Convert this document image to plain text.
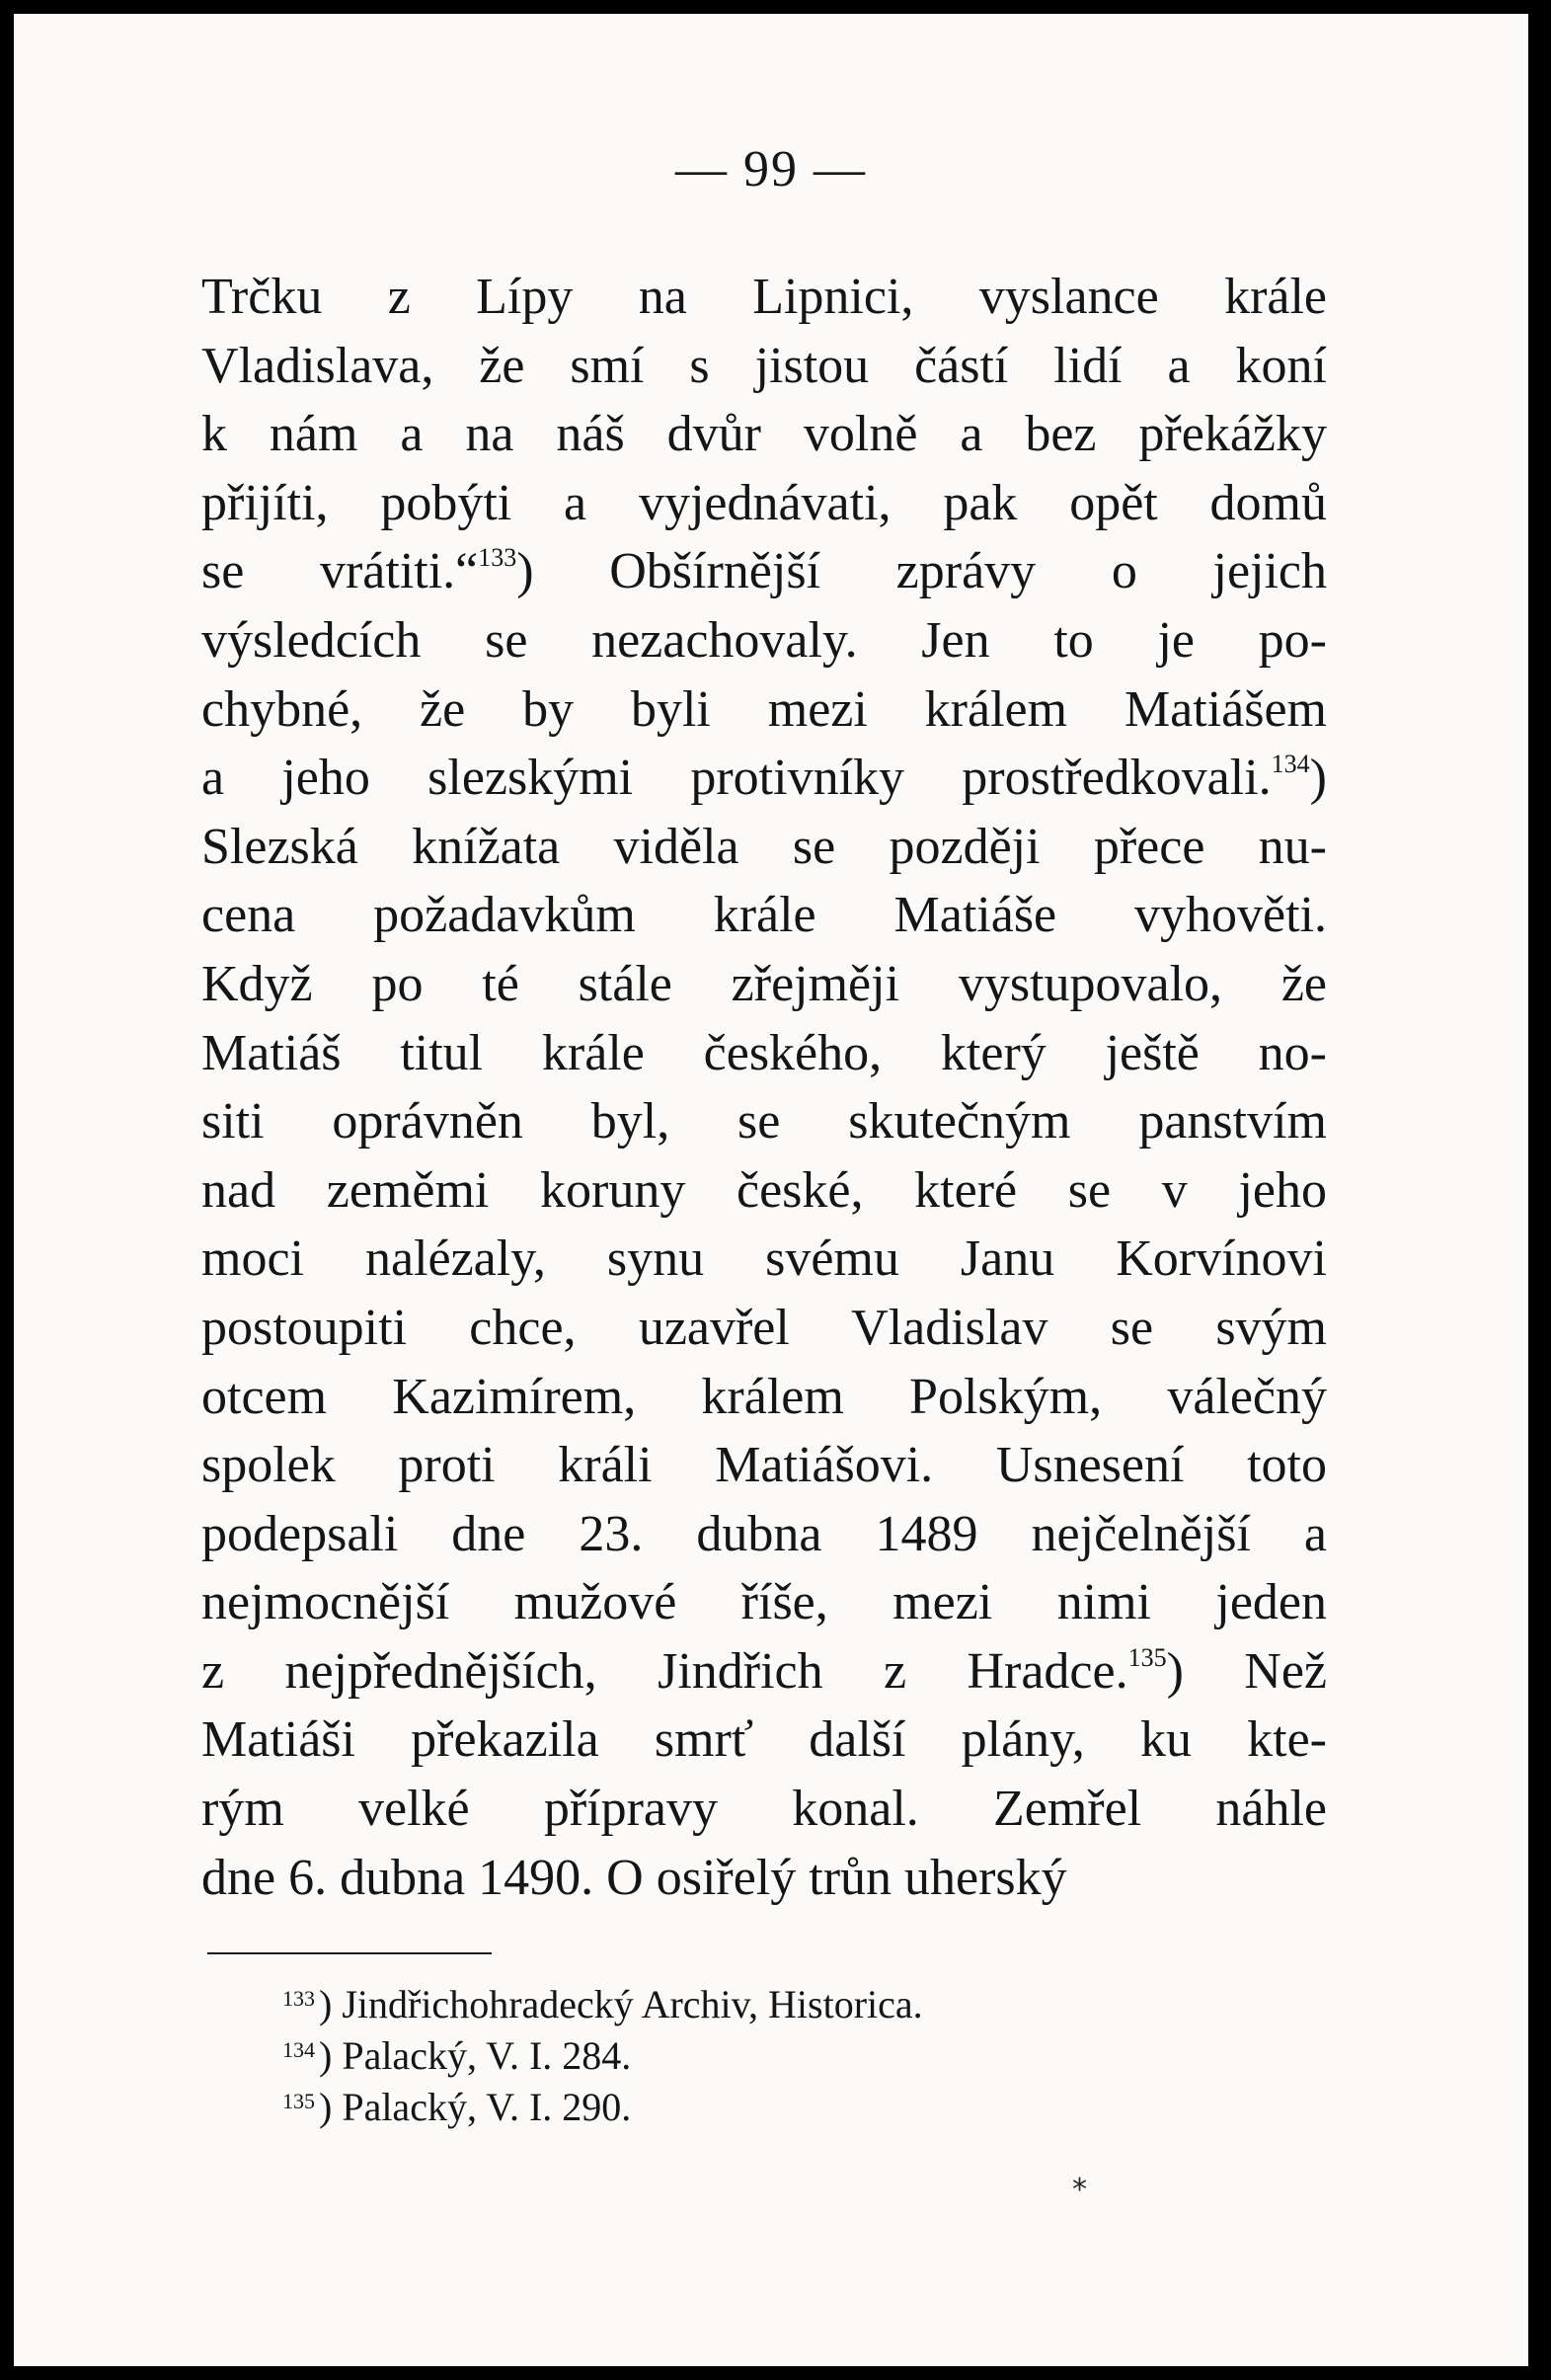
— 99 —
Trčku z Lípy na Lipnici, vyslance krále
Vladislava, že smí s jistou částí lidí a koní
k nám a na náš dvůr volně a bez překážky
přijíti, pobýti a vyjednávati, pak opět domů
se vrátiti.“$^{133}$) Obšírnější zprávy o jejich
výsledcích se nezachovaly. Jen to je po-
chybné, že by byli mezi králem Matiášem
a jeho slezskými protivníky prostředkovali.$^{134}$)
Slezská knížata viděla se později přece nu-
cena požadavkům krále Matiáše vyhověti.
Když po té stále zřejměji vystupovalo, že
Matiáš titul krále českého, který ještě no-
siti oprávněn byl, se skutečným panstvím
nad zeměmi koruny české, které se v jeho
moci nalézaly, synu svému Janu Korvínovi
postoupiti chce, uzavřel Vladislav se svým
otcem Kazimírem, králem Polským, válečný
spolek proti králi Matiášovi. Usnesení toto
podepsali dne 23. dubna 1489 nejčelnější a
nejmocnější mužové říše, mezi nimi jeden
z nejpřednějších, Jindřich z Hradce.$^{135}$) Než
Matiáši překazila smrť další plány, ku kte-
rým velké přípravy konal. Zemřel náhle
dne 6. dubna 1490. O osiřelý trůn uherský
$^{133}$ ) Jindřichohradecký Archiv, Historica.
$^{134}$ ) Palacký, V. I. 284.
$^{135}$ ) Palacký, V. I. 290.
*
